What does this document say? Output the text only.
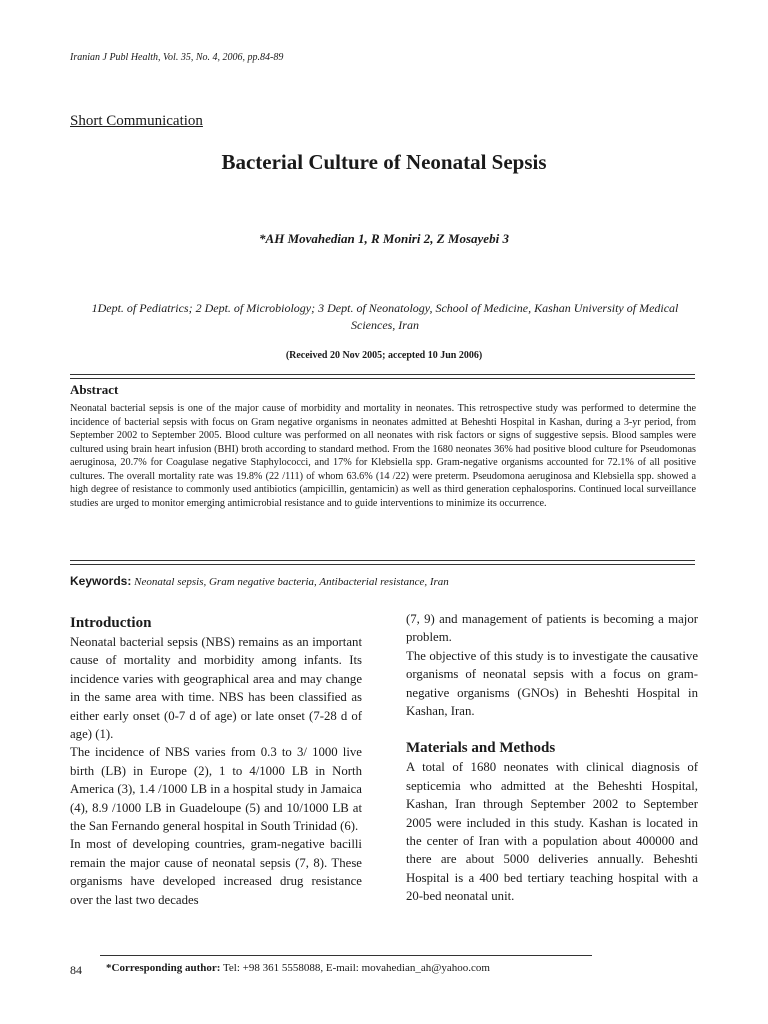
Iranian J Publ Health, Vol. 35, No. 4, 2006, pp.84-89
Short Communication
Bacterial Culture of Neonatal Sepsis
*AH Movahedian 1, R Moniri 2, Z Mosayebi 3
1Dept. of Pediatrics; 2 Dept. of Microbiology; 3 Dept. of Neonatology, School of Medicine, Kashan University of Medical Sciences, Iran
(Received 20 Nov 2005; accepted 10 Jun 2006)
Abstract
Neonatal bacterial sepsis is one of the major cause of morbidity and mortality in neonates. This retrospective study was performed to determine the incidence of bacterial sepsis with focus on Gram negative organisms in neonates admitted at Beheshti Hospital in Kashan, during a 3-yr period, from September 2002 to September 2005. Blood culture was performed on all neonates with risk factors or signs of suggestive sepsis. Blood samples were cultured using brain heart infusion (BHI) broth according to standard method. From the 1680 neonates 36% had positive blood culture for Pseudomonas aeruginosa, 20.7% for Coagulase negative Staphylococci, and 17% for Klebsiella spp. Gram-negative organisms accounted for 72.1% of all positive cultures. The overall mortality rate was 19.8% (22 /111) of whom 63.6% (14 /22) were preterm. Pseudomona aeruginosa and Klebsiella spp. showed a high degree of resistance to commonly used antibiotics (ampicillin, gentamicin) as well as third generation cephalosporins. Continued local surveillance studies are urged to monitor emerging antimicrobial resistance and to guide interventions to minimize its occurrence.
Keywords: Neonatal sepsis, Gram negative bacteria, Antibacterial resistance, Iran

Introduction

Neonatal bacterial sepsis (NBS) remains as an important cause of mortality and morbidity among infants. Its incidence varies with geographical area and may change in the same area with time. NBS has been classified as either early onset (0-7 d of age) or late onset (7-28 d of age) (1).

The incidence of NBS varies from 0.3 to 3/ 1000 live birth (LB) in Europe (2), 1 to 4/1000 LB in North America (3), 1.4 /1000 LB in a hospital study in Jamaica (4), 8.9 /1000 LB in Guadeloupe (5) and 10/1000 LB at the San Fernando general hospital in South Trinidad (6).

In most of developing countries, gram-negative bacilli remain the major cause of neonatal sepsis (7, 8). These organisms have developed increased drug resistance over the last two decades

(7, 9) and management of patients is becoming a major problem.

The objective of this study is to investigate the causative organisms of neonatal sepsis with a focus on gram-negative organisms (GNOs) in Beheshti Hospital in Kashan, Iran.

Materials and Methods

A total of 1680 neonates with clinical diagnosis of septicemia who admitted at the Beheshti Hospital, Kashan, Iran through September 2002 to September 2005 were included in this study. Kashan is located in the center of Iran with a population about 400000 and there are about 5000 deliveries annually. Beheshti Hospital is a 400 bed tertiary teaching hospital with a 20-bed neonatal unit.

84 *Corresponding author: Tel: +98 361 5558088, E-mail: movahedian_ah@yahoo.com
